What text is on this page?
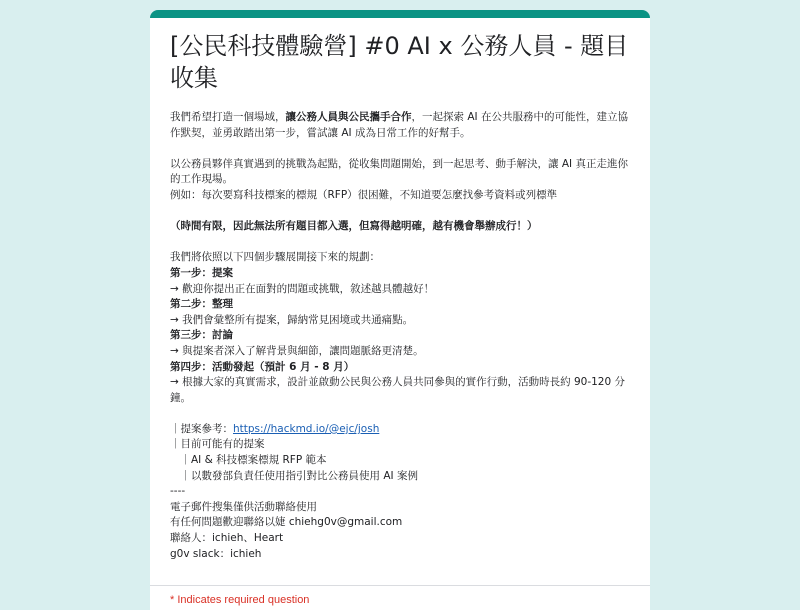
[公民科技體驗營] #0 AI x 公務人員 - 題目收集
我們希望打造一個場域，讓公務人員與公民攜手合作，一起探索 AI 在公共服務中的可能性，建立協作默契，並勇敢踏出第一步，嘗試讓 AI 成為日常工作的好幫手。

以公務員夥伴真實遇到的挑戰為起點，從收集問題開始，到一起思考、動手解決，讓 AI 真正走進你的工作現場。
例如：每次要寫科技標案的標規（RFP）很困難，不知道要怎麼找參考資料或列標準

（時間有限，因此無法所有題目都入選，但寫得越明確，越有機會舉辦成行！）

我們將依照以下四個步驟展開接下來的規劃：
第一步：提案
→ 歡迎你提出正在面對的問題或挑戰，敘述越具體越好！
第二步：整理
→ 我們會彙整所有提案，歸納常見困境或共通痛點。
第三步：討論
→ 與提案者深入了解背景與細節，讓問題脈絡更清楚。
第四步：活動發起（預計 6 月 - 8 月）
→ 根據大家的真實需求，設計並啟動公民與公務人員共同參與的實作行動，活動時長約 90-120 分鐘。

｜提案參考：https://hackmd.io/@ejc/josh
｜目前可能有的提案
　｜AI & 科技標案標規 RFP 範本
　｜以數發部負責任使用指引對比公務員使用 AI 案例
----
電子郵件搜集僅供活動聯絡使用
有任何問題歡迎聯絡以婕 chiehg0v@gmail.com
聯絡人：ichieh、Heart
g0v slack：ichieh
* Indicates required question
